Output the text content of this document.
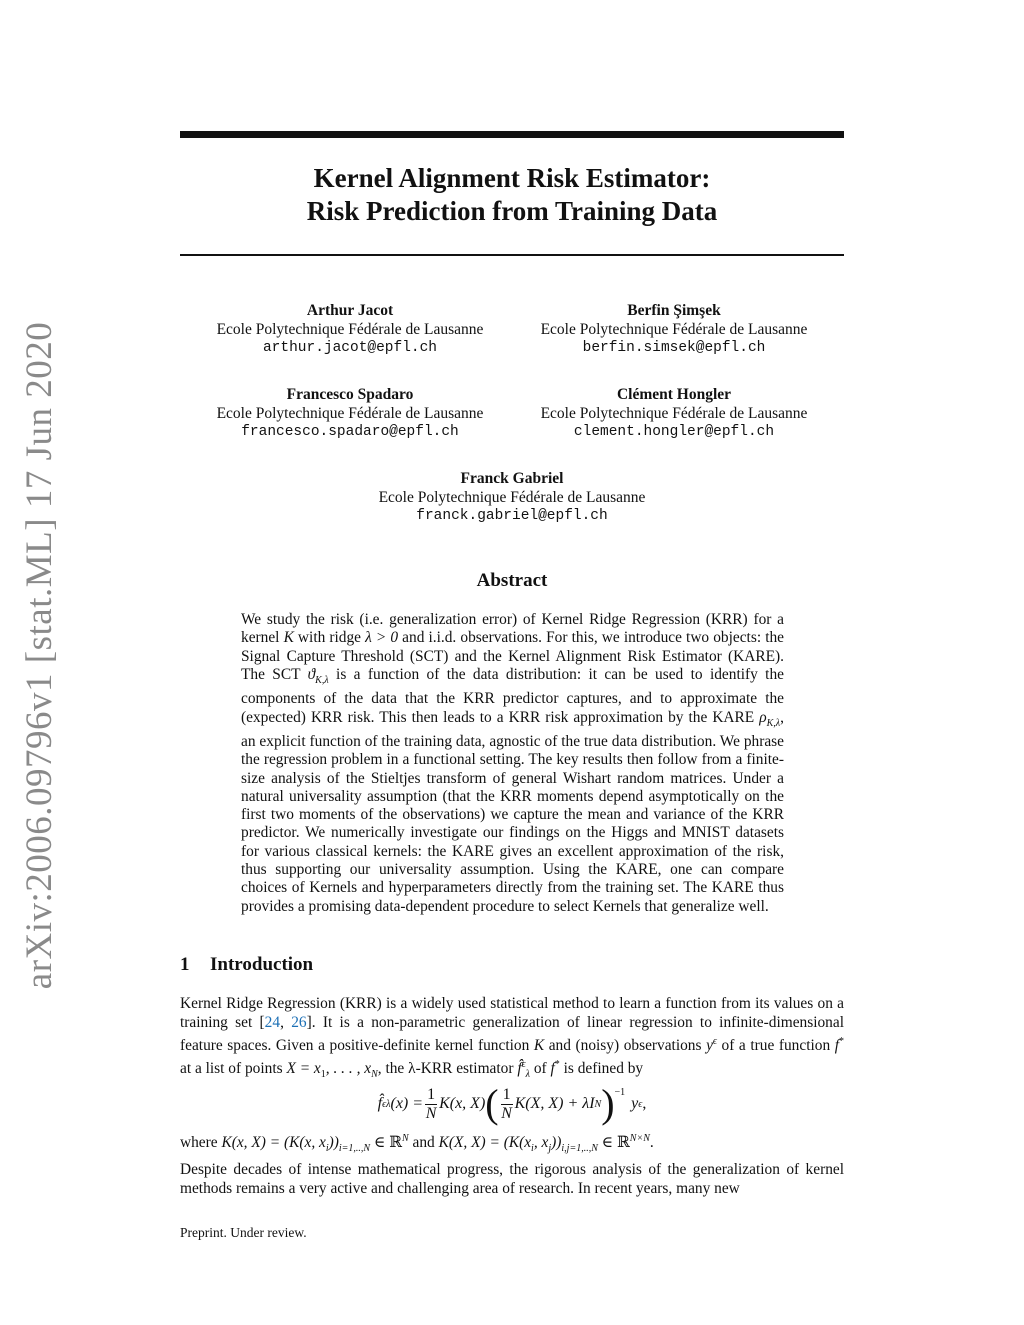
arXiv:2006.09796v1 [stat.ML] 17 Jun 2020
Kernel Alignment Risk Estimator:
Risk Prediction from Training Data
Arthur Jacot
Ecole Polytechnique Fédérale de Lausanne
arthur.jacot@epfl.ch
Berfin Şimşek
Ecole Polytechnique Fédérale de Lausanne
berfin.simsek@epfl.ch
Francesco Spadaro
Ecole Polytechnique Fédérale de Lausanne
francesco.spadaro@epfl.ch
Clément Hongler
Ecole Polytechnique Fédérale de Lausanne
clement.hongler@epfl.ch
Franck Gabriel
Ecole Polytechnique Fédérale de Lausanne
franck.gabriel@epfl.ch
Abstract
We study the risk (i.e. generalization error) of Kernel Ridge Regression (KRR) for a kernel K with ridge λ > 0 and i.i.d. observations. For this, we introduce two objects: the Signal Capture Threshold (SCT) and the Kernel Alignment Risk Estimator (KARE). The SCT $ϑ_{K,\lambda}$ is a function of the data distribution: it can be used to identify the components of the data that the KRR predictor captures, and to approximate the (expected) KRR risk. This then leads to a KRR risk approximation by the KARE $\rho_{K,\lambda}$, an explicit function of the training data, agnostic of the true data distribution. We phrase the regression problem in a functional setting. The key results then follow from a finite-size analysis of the Stieltjes transform of general Wishart random matrices. Under a natural universality assumption (that the KRR moments depend asymptotically on the first two moments of the observations) we capture the mean and variance of the KRR predictor. We numerically investigate our findings on the Higgs and MNIST datasets for various classical kernels: the KARE gives an excellent approximation of the risk, thus supporting our universality assumption. Using the KARE, one can compare choices of Kernels and hyperparameters directly from the training set. The KARE thus provides a promising data-dependent procedure to select Kernels that generalize well.
1 Introduction
Kernel Ridge Regression (KRR) is a widely used statistical method to learn a function from its values on a training set [24, 26]. It is a non-parametric generalization of linear regression to infinite-dimensional feature spaces. Given a positive-definite kernel function K and (noisy) observations $y^\epsilon$ of a true function f* at a list of points $X = x_1$, . . . , $x_N$, the λ-KRR estimator f̂$^\epsilon_\lambda$ of f* is defined by
f̂ ϵ λ $(x) = \frac{1}{N} K(x$, X) ( $\frac{1}{N} K(X$, X) + λI N )$^{-1}$
y ϵ ,
where K(x, X) = (K(x, $x_i))_{i=1,..,N}$ ∈ ℝ$^N$ and K(X, $X) = (K(x_i$, $x_j))_{i,j=1,..,N}$ ∈ ℝ$^{N\times N}$.
Despite decades of intense mathematical progress, the rigorous analysis of the generalization of kernel methods remains a very active and challenging area of research. In recent years, many new
Preprint. Under review.
